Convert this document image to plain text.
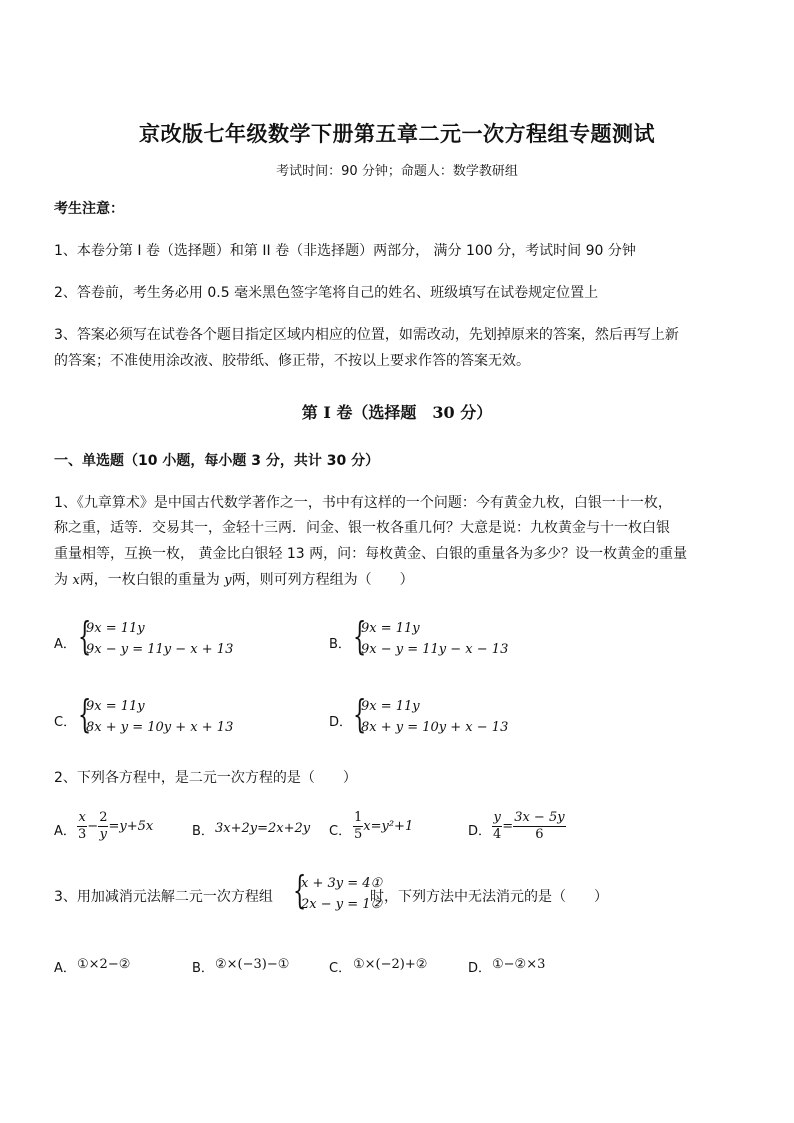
京改版七年级数学下册第五章二元一次方程组专题测试
考试时间：90 分钟；命题人：数学教研组
考生注意：
1、本卷分第 I 卷（选择题）和第 II 卷（非选择题）两部分， 满分 100 分，考试时间 90 分钟
2、答卷前，考生务必用 0.5 毫米黑色签字笔将自己的姓名、班级填写在试卷规定位置上
3、答案必须写在试卷各个题目指定区域内相应的位置，如需改动，先划掉原来的答案，然后再写上新
的答案；不准使用涂改液、胶带纸、修正带，不按以上要求作答的答案无效。
第 I 卷（选择题　30 分）
一、单选题（10 小题，每小题 3 分，共计 30 分）
1、《九章算术》是中国古代数学著作之一，书中有这样的一个问题：今有黄金九枚，白银一十一枚，
称之重，适等．交易其一，金轻十三两．问金、银一枚各重几何？大意是说：九枚黄金与十一枚白银
重量相等，互换一枚， 黄金比白银轻 13 两，问：每枚黄金、白银的重量各为多少？设一枚黄金的重量
为 x两，一枚白银的重量为 y两，则可列方程组为（　　）
A． {
9x = 11y
9x − y = 11y − x + 13	B． {
9x = 11y
9x − y = 11y − x − 13
C． {
9x = 11y
8x + y = 10y + x + 13	D． {
9x = 11y
8x + y = 10y + x − 13
2、下列各方程中，是二元一次方程的是（　　）
A． $\frac{x}{3} - \frac{2}{y} =y+5x$	B． 3x+2y=2x+2y C． $\frac{1}{5} x=y^2+1$	D． $\frac{y}{4} = \frac{3x - 5y}{6}$
3、用加减消元法解二元一次方程组 {
x + 3y = 4①
2x − y = 1②
时，下列方法中无法消元的是（　　）
A． ①×2−②	B． ②×(−3)−①	C． ①×(−2)+②	D． ①−②×3
